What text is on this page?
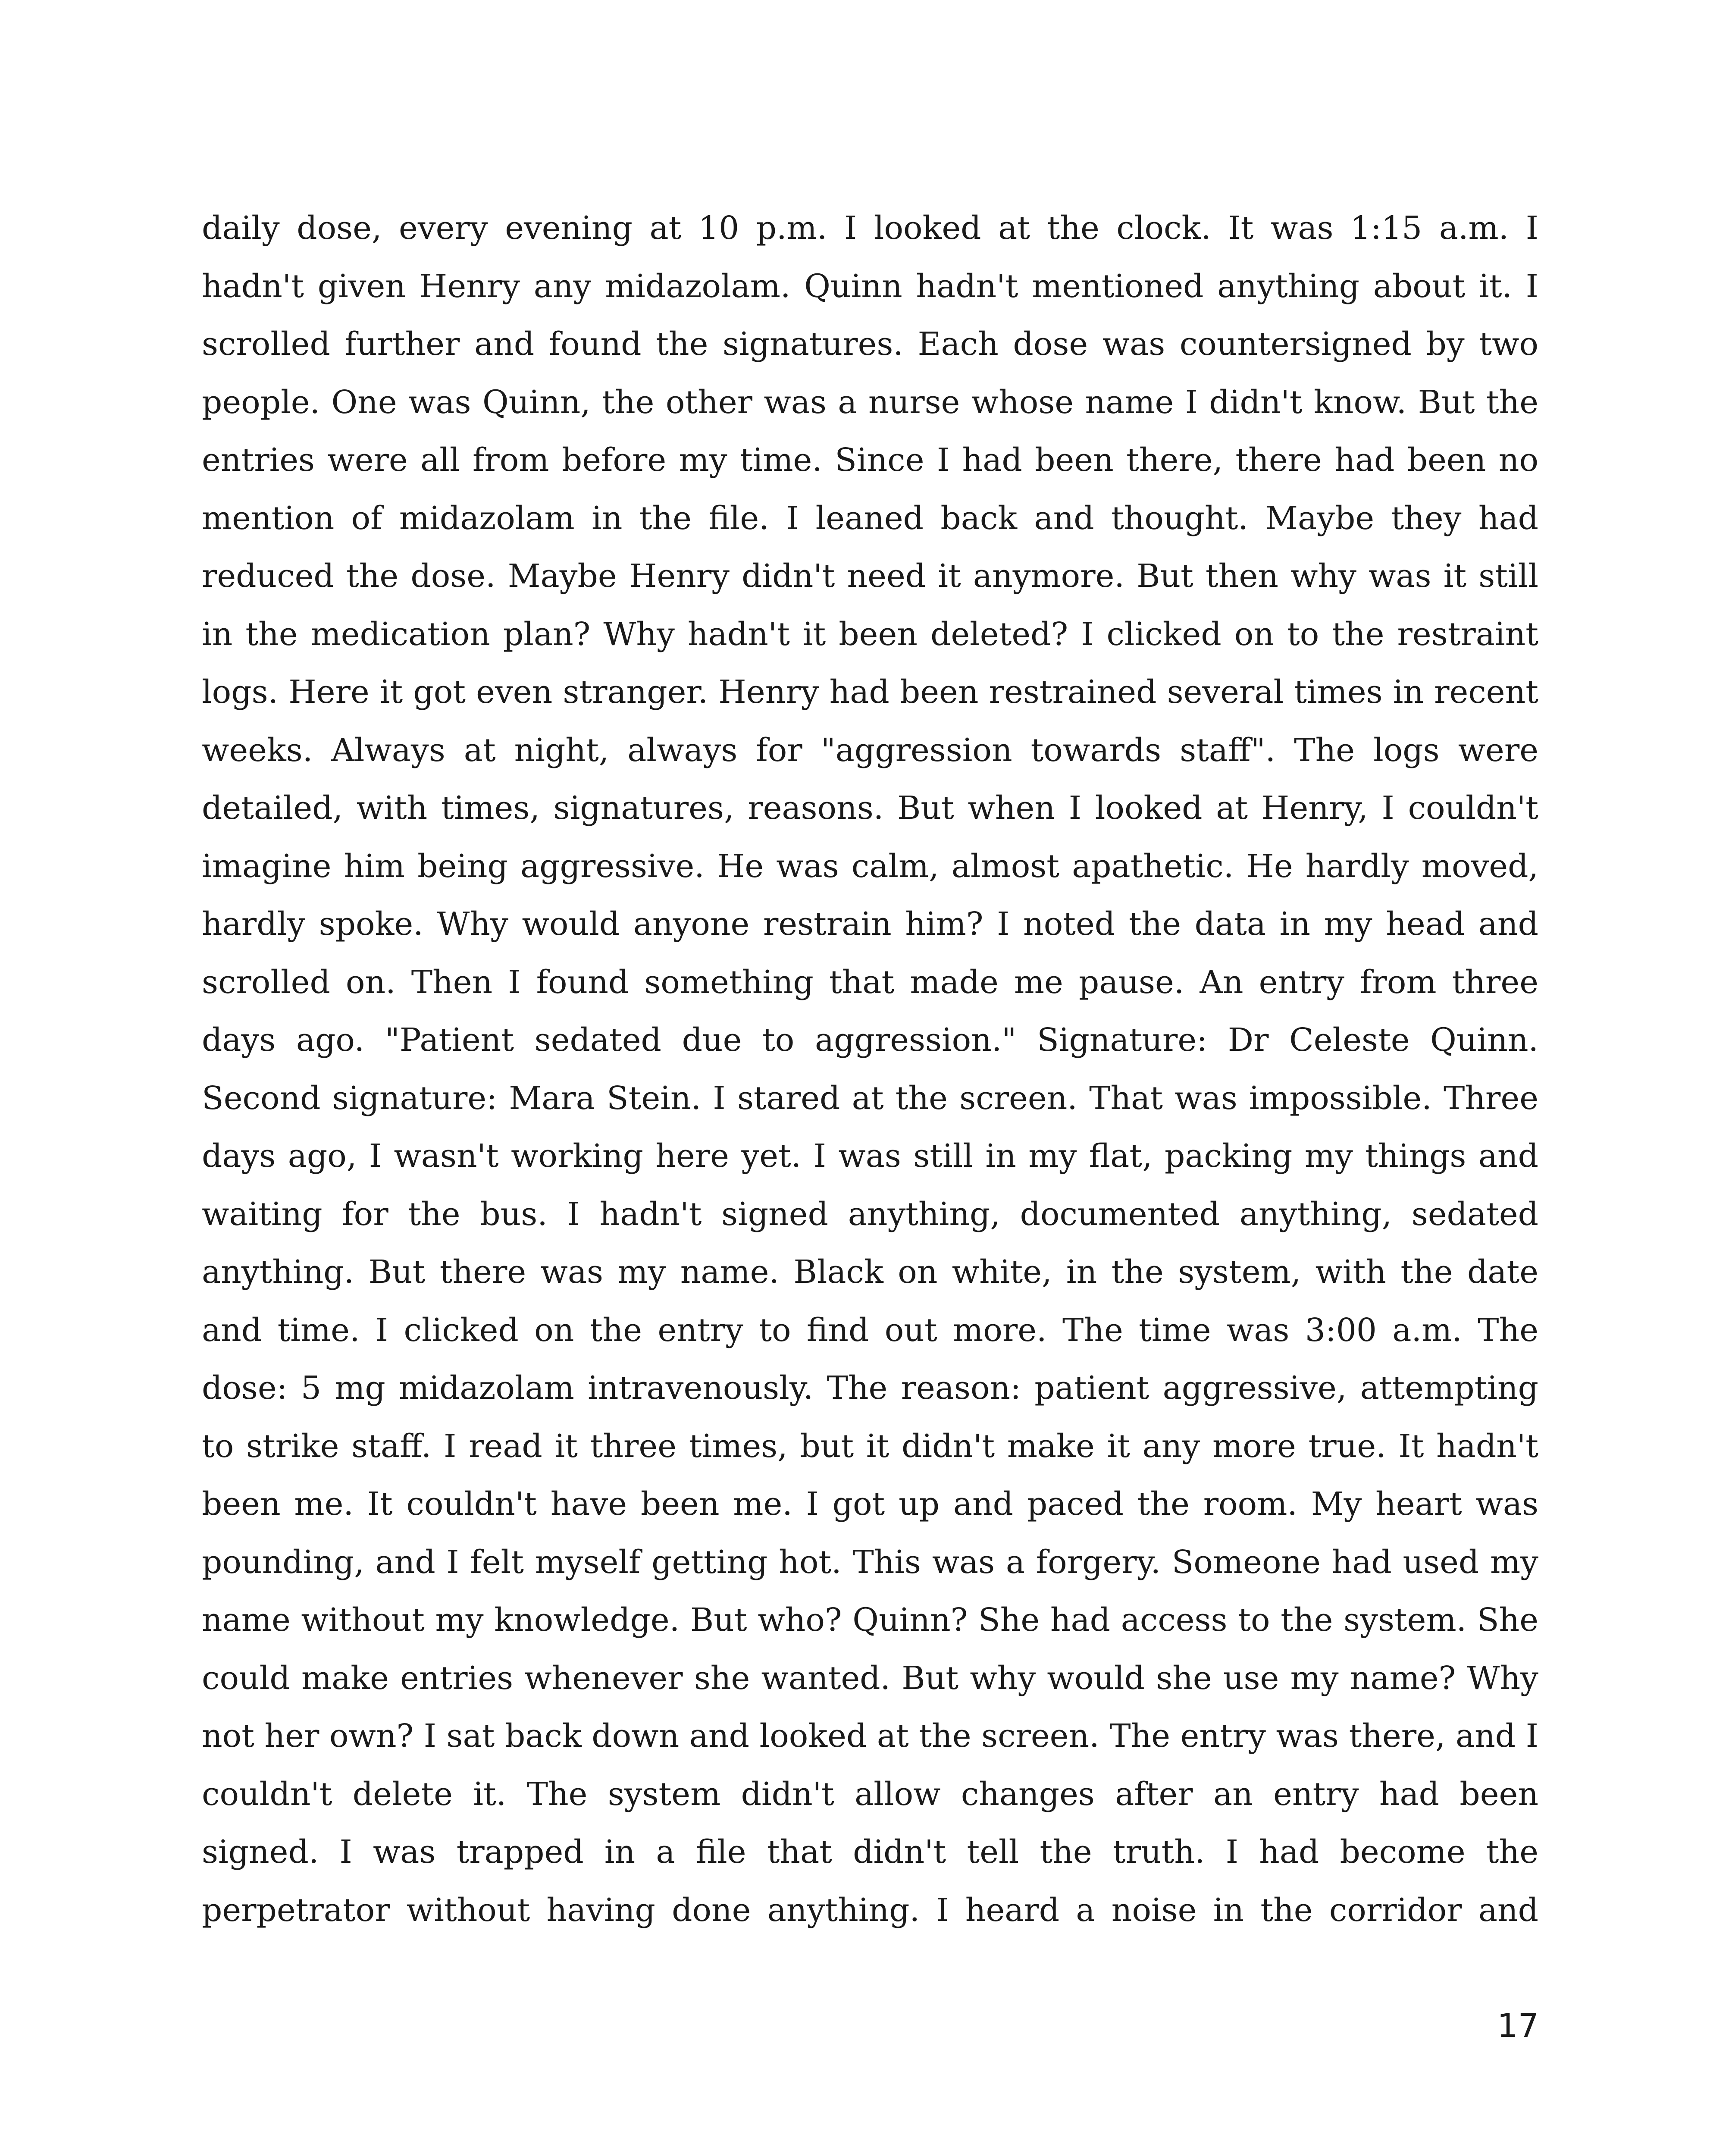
daily dose, every evening at 10 p.m. I looked at the clock. It was 1:15 a.m. I hadn't given Henry any midazolam. Quinn hadn't mentioned anything about it. I scrolled further and found the signatures. Each dose was countersigned by two people. One was Quinn, the other was a nurse whose name I didn't know. But the entries were all from before my time. Since I had been there, there had been no mention of midazolam in the file. I leaned back and thought. Maybe they had reduced the dose. Maybe Henry didn't need it anymore. But then why was it still in the medication plan? Why hadn't it been deleted? I clicked on to the restraint logs. Here it got even stranger. Henry had been restrained several times in recent weeks. Always at night, always for "aggression towards staff". The logs were detailed, with times, signatures, reasons. But when I looked at Henry, I couldn't imagine him being aggressive. He was calm, almost apathetic. He hardly moved, hardly spoke. Why would anyone restrain him? I noted the data in my head and scrolled on. Then I found something that made me pause. An entry from three days ago. "Patient sedated due to aggression." Signature: Dr Celeste Quinn. Second signature: Mara Stein. I stared at the screen. That was impossible. Three days ago, I wasn't working here yet. I was still in my flat, packing my things and waiting for the bus. I hadn't signed anything, documented anything, sedated anything. But there was my name. Black on white, in the system, with the date and time. I clicked on the entry to find out more. The time was 3:00 a.m. The dose: 5 mg midazolam intravenously. The reason: patient aggressive, attempting to strike staff. I read it three times, but it didn't make it any more true. It hadn't been me. It couldn't have been me. I got up and paced the room. My heart was pounding, and I felt myself getting hot. This was a forgery. Someone had used my name without my knowledge. But who? Quinn? She had access to the system. She could make entries whenever she wanted. But why would she use my name? Why not her own? I sat back down and looked at the screen. The entry was there, and I couldn't delete it. The system didn't allow changes after an entry had been signed. I was trapped in a file that didn't tell the truth. I had become the perpetrator without having done anything. I heard a noise in the corridor and

17
